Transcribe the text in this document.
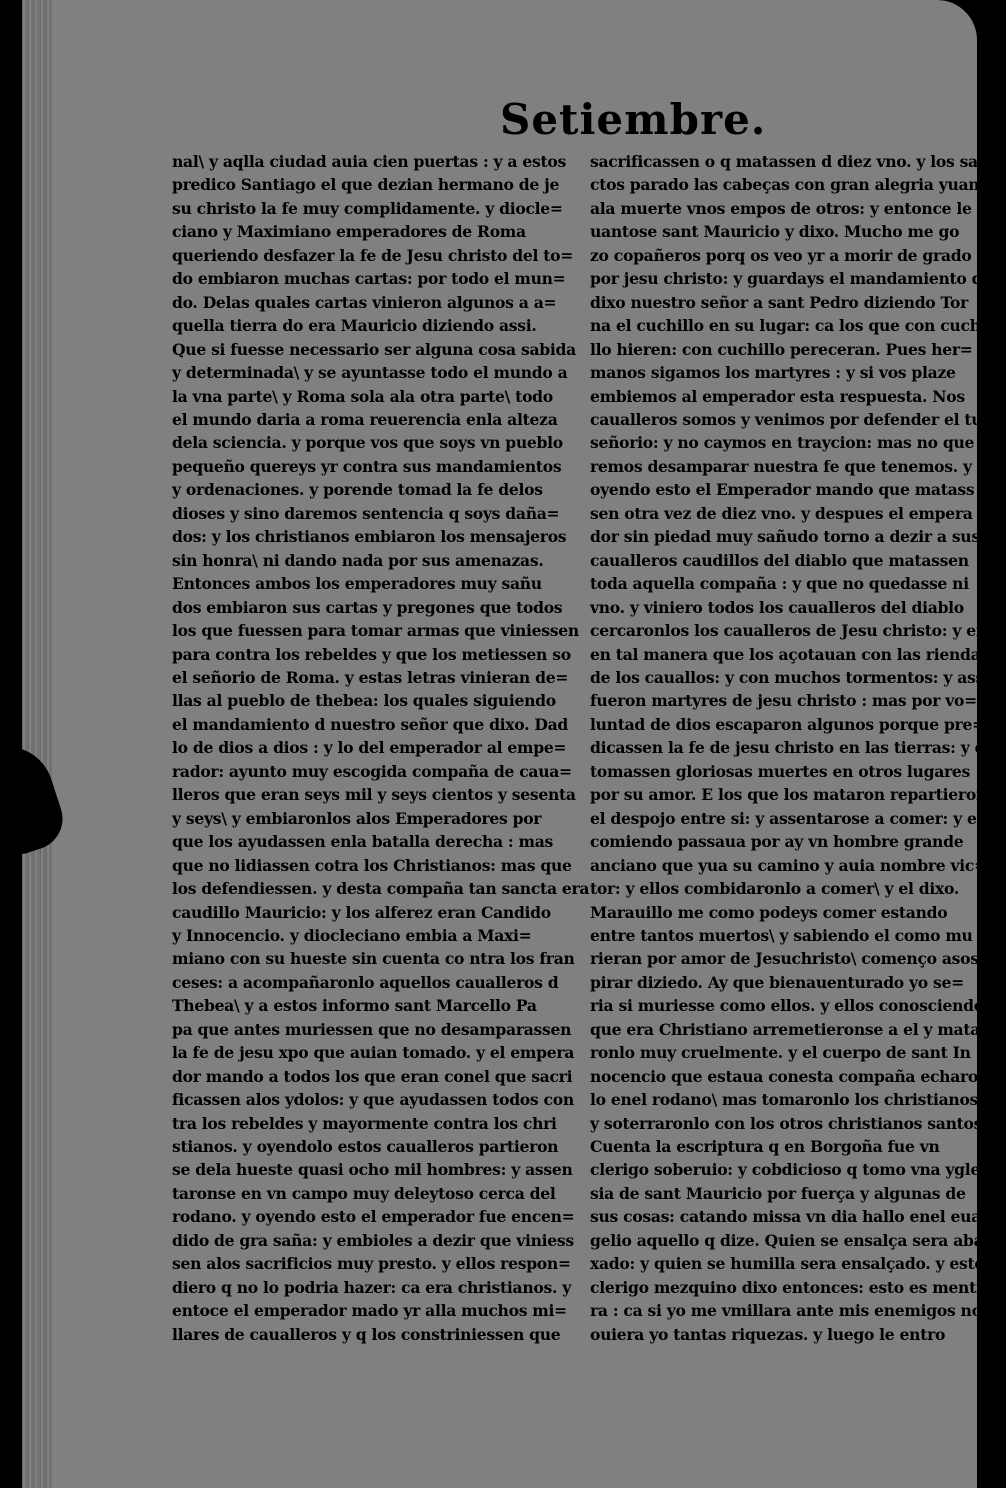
Setiembre.
nal\ y aqlla ciudad auia cien puertas : y a estos
predico Santiago el que dezian hermano de je
su christo la fe muy complidamente. y diocle=
ciano y Maximiano emperadores de Roma
queriendo desfazer la fe de Jesu christo del to=
do embiaron muchas cartas: por todo el mun=
do. Delas quales cartas vinieron algunos a a=
quella tierra do era Mauricio diziendo assi.
Que si fuesse necessario ser alguna cosa sabida
y determinada\ y se ayuntasse todo el mundo a
la vna parte\ y Roma sola ala otra parte\ todo
el mundo daria a roma reuerencia enla alteza
dela sciencia. y porque vos que soys vn pueblo
pequeño quereys yr contra sus mandamientos
y ordenaciones. y porende tomad la fe delos
dioses y sino daremos sentencia q soys daña=
dos: y los christianos embiaron los mensajeros
sin honra\ ni dando nada por sus amenazas.
Entonces ambos los emperadores muy sañu
dos embiaron sus cartas y pregones que todos
los que fuessen para tomar armas que viniessen
para contra los rebeldes y que los metiessen so
el señorio de Roma. y estas letras vinieran de=
llas al pueblo de thebea: los quales siguiendo
el mandamiento d nuestro señor que dixo. Dad
lo de dios a dios : y lo del emperador al empe=
rador: ayunto muy escogida compaña de caua=
lleros que eran seys mil y seys cientos y sesenta
y seys\ y embiaronlos alos Emperadores por
que los ayudassen enla batalla derecha : mas
que no lidiassen cotra los Christianos: mas que
los defendiessen. y desta compaña tan sancta era
caudillo Mauricio: y los alferez eran Candido
y Innocencio. y diocleciano embia a Maxi=
miano con su hueste sin cuenta co ntra los fran
ceses: a acompañaronlo aquellos caualleros d
Thebea\ y a estos informo sant Marcello Pa
pa que antes muriessen que no desamparassen
la fe de jesu xpo que auian tomado. y el empera
dor mando a todos los que eran conel que sacri
ficassen alos ydolos: y que ayudassen todos con
tra los rebeldes y mayormente contra los chri
stianos. y oyendolo estos caualleros partieron
se dela hueste quasi ocho mil hombres: y assen
taronse en vn campo muy deleytoso cerca del
rodano. y oyendo esto el emperador fue encen=
dido de gra saña: y embioles a dezir que viniess
sen alos sacrificios muy presto. y ellos respon=
diero q no lo podria hazer: ca era christianos. y
entoce el emperador mado yr alla muchos mi=
llares de caualleros y q los constriniessen que
sacrificassen o q matassen d diez vno. y los sau
ctos parado las cabeças con gran alegria yuan
ala muerte vnos empos de otros: y entonce le
uantose sant Mauricio y dixo. Mucho me go
zo copañeros porq os veo yr a morir de grado
por jesu christo: y guardays el mandamiento q
dixo nuestro señor a sant Pedro diziendo Tor
na el cuchillo en su lugar: ca los que con cuchi
llo hieren: con cuchillo pereceran. Pues her=
manos sigamos los martyres : y si vos plaze
embiemos al emperador esta respuesta. Nos
caualleros somos y venimos por defender el tu
señorio: y no caymos en traycion: mas no que
remos desamparar nuestra fe que tenemos. y
oyendo esto el Emperador mando que matass
sen otra vez de diez vno. y despues el empera
dor sin piedad muy sañudo torno a dezir a sus
caualleros caudillos del diablo que matassen
toda aquella compaña : y que no quedasse ni
vno. y viniero todos los caualleros del diablo
cercaronlos los caualleros de Jesu christo: y en
en tal manera que los açotauan con las riendas
de los cauallos: y con muchos tormentos: y assi
fueron martyres de jesu christo : mas por vo=
luntad de dios escaparon algunos porque pre=
dicassen la fe de jesu christo en las tierras: y que
tomassen gloriosas muertes en otros lugares
por su amor. E los que los mataron repartieron
el despojo entre si: y assentarose a comer: y ellos
comiendo passaua por ay vn hombre grande
anciano que yua su camino y auia nombre vic=
tor: y ellos combidaronlo a comer\ y el dixo.
Marauillo me como podeys comer estando
entre tantos muertos\ y sabiendo el como mu
rieran por amor de Jesuchristo\ començo asos
pirar diziedo. Ay que bienauenturado yo se=
ria si muriesse como ellos. y ellos conosciendo
que era Christiano arremetieronse a el y mata
ronlo muy cruelmente. y el cuerpo de sant In
nocencio que estaua conesta compaña echaron
lo enel rodano\ mas tomaronlo los christianos
y soterraronlo con los otros christianos santos.
Cuenta la escriptura q en Borgoña fue vn
clerigo soberuio: y cobdicioso q tomo vna ygle
sia de sant Mauricio por fuerça y algunas de
sus cosas: catando missa vn dia hallo enel euan
gelio aquello q dize. Quien se ensalça sera aba
xado: y quien se humilla sera ensalçado. y este
clerigo mezquino dixo entonces: esto es menti
ra : ca si yo me vmillara ante mis enemigos no
ouiera yo tantas riquezas. y luego le entro
